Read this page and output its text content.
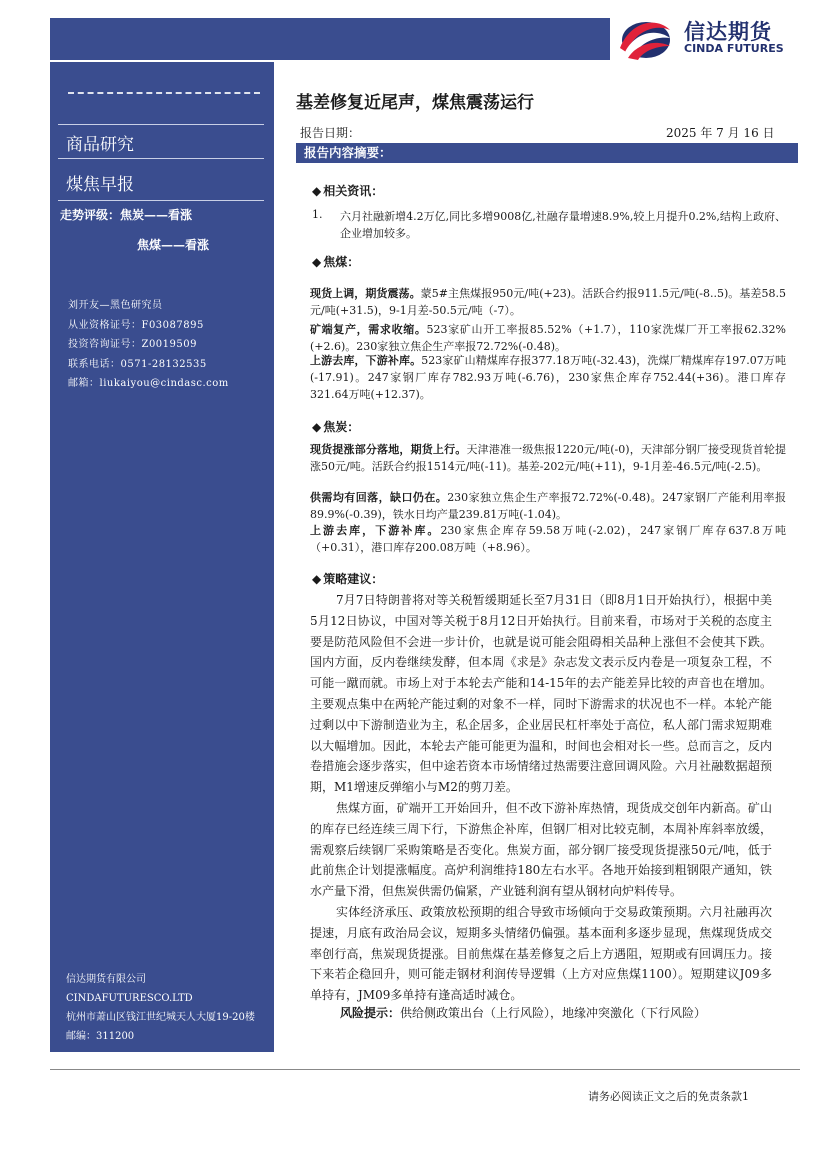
信达期货
CINDA FUTURES
商品研究
煤焦早报
走势评级：焦炭——看涨
焦煤——看涨
刘开友—黑色研究员
从业资格证号：F03087895
投资咨询证号：Z0019509
联系电话：0571-28132535
邮箱：liukaiyou@cindasc.com
信达期货有限公司
CINDAFUTURESCO.LTD
杭州市萧山区钱江世纪城天人大厦19-20楼
邮编：311200
基差修复近尾声，煤焦震荡运行
报告日期：	2025 年 7 月 16 日
报告内容摘要：
◆ 相关资讯：
1. 六月社融新增4.2万亿,同比多增9008亿,社融存量增速8.9%,较上月提升0.2%,结构上政府、企业增加较多。
◆ 焦煤：
现货上调，期货震荡。蒙5#主焦煤报950元/吨(+23)。活跃合约报911.5元/吨(-8..5)。基差58.5元/吨(+31.5)，9-1月差-50.5元/吨（-7）。
矿端复产，需求收缩。523家矿山开工率报85.52%（+1.7），110家洗煤厂开工率报62.32%(+2.6)。230家独立焦企生产率报72.72%(-0.48)。
上游去库，下游补库。523家矿山精煤库存报377.18万吨(-32.43)，洗煤厂精煤库存197.07万吨(-17.91)。247家钢厂库存782.93万吨(-6.76)，230家焦企库存752.44(+36)。港口库存321.64万吨(+12.37)。
◆ 焦炭：
现货提涨部分落地，期货上行。天津港准一级焦报1220元/吨(-0)，天津部分钢厂接受现货首轮提涨50元/吨。活跃合约报1514元/吨(-11)。基差-202元/吨(+11)，9-1月差-46.5元/吨(-2.5)。
供需均有回落，缺口仍在。230家独立焦企生产率报72.72%(-0.48)。247家钢厂产能利用率报89.9%(-0.39)，铁水日均产量239.81万吨(-1.04)。
上游去库，下游补库。230家焦企库存59.58万吨(-2.02)，247家钢厂库存637.8万吨（+0.31），港口库存200.08万吨（+8.96）。
◆ 策略建议：

7月7日特朗普将对等关税暂缓期延长至7月31日（即8月1日开始执行），根据中美5月12日协议，中国对等关税于8月12日开始执行。目前来看，市场对于关税的态度主要是防范风险但不会进一步计价，也就是说可能会阻碍相关品种上涨但不会使其下跌。国内方面，反内卷继续发酵，但本周《求是》杂志发文表示反内卷是一项复杂工程，不可能一蹴而就。市场上对于本轮去产能和14-15年的去产能差异比较的声音也在增加。主要观点集中在两轮产能过剩的对象不一样，同时下游需求的状况也不一样。本轮产能过剩以中下游制造业为主，私企居多，企业居民杠杆率处于高位，私人部门需求短期难以大幅增加。因此，本轮去产能可能更为温和，时间也会相对长一些。总而言之，反内卷措施会逐步落实，但中途若资本市场情绪过热需要注意回调风险。六月社融数据超预期，M1增速反弹缩小与M2的剪刀差。

焦煤方面，矿端开工开始回升，但不改下游补库热情，现货成交创年内新高。矿山的库存已经连续三周下行，下游焦企补库，但钢厂相对比较克制，本周补库斜率放缓，需观察后续钢厂采购策略是否变化。焦炭方面，部分钢厂接受现货提涨50元/吨，低于此前焦企计划提涨幅度。高炉利润维持180左右水平。各地开始接到粗钢限产通知，铁水产量下滑，但焦炭供需仍偏紧，产业链利润有望从钢材向炉料传导。

实体经济承压、政策放松预期的组合导致市场倾向于交易政策预期。六月社融再次提速，月底有政治局会议，短期多头情绪仍偏强。基本面利多逐步显现，焦煤现货成交率创行高，焦炭现货提涨。目前焦煤在基差修复之后上方遇阻，短期或有回调压力。接下来若企稳回升，则可能走钢材利润传导逻辑（上方对应焦煤1100）。短期建议J09多单持有，JM09多单持有逢高适时减仓。

风险提示：供给侧政策出台（上行风险），地缘冲突激化（下行风险）
请务必阅读正文之后的免责条款1
